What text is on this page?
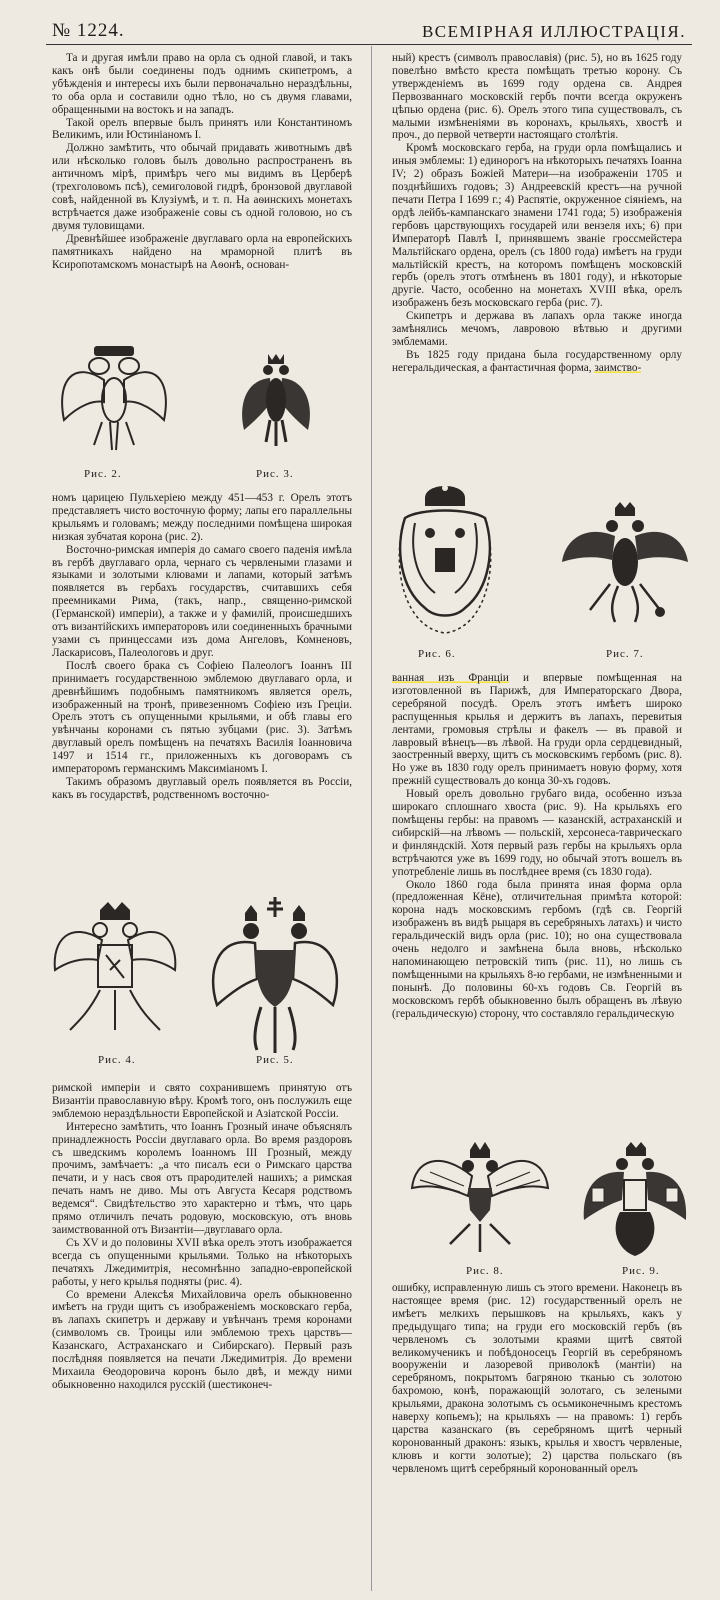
№ 1224.	ВСЕМІРНАЯ ИЛЛЮСТРАЦІЯ.

Та и другая имѣли право на орла съ одной главой, и такъ какъ онѣ были соединены подъ однимъ скипетромъ, а убѣжденія и интересы ихъ были первоначально нераздѣльны, то оба орла и составили одно тѣло, но съ двумя главами, обращенными на востокъ и на западъ.

Такой орелъ впервые былъ принятъ или Константиномъ Великимъ, или Юстиніаномъ I.

Должно замѣтить, что обычай придавать животнымъ двѣ или нѣсколько головъ былъ довольно распространенъ въ античномъ мірѣ, примѣръ чего мы видимъ въ Церберѣ (трехголовомъ псѣ), семиголовой гидрѣ, бронзовой двуглавой совѣ, найденной въ Клузіумѣ, и т. п. На аѳинскихъ монетахъ встрѣчается даже изображеніе совы съ одной головою, но съ двумя туловищами.

Древнѣйшее изображеніе двуглаваго орла на европейскихъ памятникахъ найдено на мраморной плитѣ въ Ксиропотамскомъ монастырѣ на Аѳонѣ, основан-

Рис. 2.	Рис. 3.

номъ царицею Пульхеріею между 451—453 г. Орелъ этотъ представляетъ чисто восточную форму; лапы его параллельны крыльямъ и головамъ; между последними помѣщена широкая низкая зубчатая корона (рис. 2).

Восточно-римская имперія до самаго своего паденія имѣла въ гербѣ двуглаваго орла, чернаго съ червлеными глазами и языками и золотыми клювами и лапами, который затѣмъ появляется въ гербахъ государствъ, считавшихъ себя преемниками Рима, (такъ, напр., священно-римской (Германской) имперіи), а также и у фамилій, происшедшихъ отъ византійскихъ императоровъ или соединенныхъ брачными узами съ принцессами изъ дома Ангеловъ, Комненовъ, Ласкарисовъ, Палеологовъ и друг.

Послѣ своего брака съ Софіею Палеологъ Іоаннъ III принимаетъ государственною эмблемою двуглаваго орла, и древнѣйшимъ подобнымъ памятникомъ является орелъ, изображенный на тронѣ, привезенномъ Софіею изъ Греціи. Орелъ этотъ съ опущенными крыльями, и обѣ главы его увѣнчаны коронами съ пятью зубцами (рис. 3). Затѣмъ двуглавый орелъ помѣщенъ на печатяхъ Василія Іоанновича 1497 и 1514 гг., приложенныхъ къ договорамъ съ императоромъ германскимъ Максиміаномъ I.

Такимъ образомъ двуглавый орелъ появляется въ Россіи, какъ въ государствѣ, родственномъ восточно-

Рис. 4.	Рис. 5.

римской имперіи и свято сохранившемъ принятую отъ Византіи православную вѣру. Кромѣ того, онъ послужилъ еще эмблемою нераздѣльности Европейской и Азіатской Россіи.

Интересно замѣтить, что Іоаннъ Грозный иначе объяснялъ принадлежность Россіи двуглаваго орла. Во время раздоровъ съ шведскимъ королемъ Іоанномъ III Грозный, между прочимъ, замѣчаетъ: „а что писалъ еси о Римскаго царства печати, и у насъ своя отъ прародителей нашихъ; а римская печать намъ не диво. Мы отъ Августа Кесаря родствомъ ведемся“. Свидѣтельство это характерно и тѣмъ, что царь прямо отличилъ печать родовую, московскую, отъ вновь заимствованной отъ Византіи—двуглаваго орла.

Съ XV и до половины XVII вѣка орелъ этотъ изображается всегда съ опущенными крыльями. Только на нѣкоторыхъ печатяхъ Лжедимитрія, несомнѣнно западно-европейской работы, у него крылья подняты (рис. 4).

Со времени Алексѣя Михайловича орелъ обыкновенно имѣетъ на груди щитъ съ изображеніемъ московскаго герба, въ лапахъ скипетръ и державу и увѣнчанъ тремя коронами (символомъ св. Троицы или эмблемою трехъ царствъ—Казанскаго, Астраханскаго и Сибирскаго). Первый разъ послѣдняя появляется на печати Лжедимитрія. До времени Михаила Ѳеодоровича коронъ было двѣ, и между ними обыкновенно находился русскій (шестиконеч-

ный) крестъ (символъ православія) (рис. 5), но въ 1625 году повелѣно вмѣсто креста помѣщать третью корону. Съ утвержденіемъ въ 1699 году ордена св. Андрея Первозваннаго московскій гербъ почти всегда окруженъ цѣпью ордена (рис. 6). Орелъ этого типа существовалъ, съ малыми измѣненіями въ коронахъ, крыльяхъ, хвостѣ и проч., до первой четверти настоящаго столѣтія.

Кромѣ московскаго герба, на груди орла помѣщались и иныя эмблемы: 1) единорогъ на нѣкоторыхъ печатяхъ Іоанна IV; 2) образъ Божіей Матери—на изображеніи 1705 и позднѣйшихъ годовъ; 3) Андреевскій крестъ—на ручной печати Петра I 1699 г.; 4) Распятіе, окруженное сіяніемъ, на ордѣ лейбъ-кампанскаго знамени 1741 года; 5) изображенія гербовъ царствующихъ государей или вензеля ихъ; 6) при Императорѣ Павлѣ I, принявшемъ званіе гроссмейстера Мальтійскаго ордена, орелъ (съ 1800 года) имѣетъ на груди мальтійскій крестъ, на которомъ помѣщенъ московскій гербъ (орелъ этотъ отмѣненъ въ 1801 году), и нѣкоторые другіе. Часто, особенно на монетахъ XVIII вѣка, орелъ изображенъ безъ московскаго герба (рис. 7).

Скипетръ и держава въ лапахъ орла также иногда замѣнялись мечомъ, лавровою вѣтвью и другими эмблемами.

Въ 1825 году придана была государственному орлу негеральдическая, а фантастичная форма, заимство-

Рис. 6.	Рис. 7.

ванная изъ Франціи и впервые помѣщенная на изготовленной въ Парижѣ, для Императорскаго Двора, серебряной посудѣ. Орелъ этотъ имѣетъ широко распущенныя крылья и держитъ въ лапахъ, перевитыя лентами, громовыя стрѣлы и факелъ — въ правой и лавровый вѣнецъ—въ лѣвой. На груди орла сердцевидный, заостренный вверху, щитъ съ московскимъ гербомъ (рис. 8). Но уже въ 1830 году орелъ принимаетъ новую форму, хотя прежній существовалъ до конца 30-хъ годовъ.

Новый орелъ довольно грубаго вида, особенно изъза широкаго сплошнаго хвоста (рис. 9). На крыльяхъ его помѣщены гербы: на правомъ — казанскій, астраханскій и сибирскій—на лѣвомъ — польскій, херсонеса-таврическаго и финляндскій. Хотя первый разъ гербы на крыльяхъ орла встрѣчаются уже въ 1699 году, но обычай этотъ вошелъ въ употребленіе лишь въ послѣднее время (съ 1830 года).

Около 1860 года была принята иная форма орла (предложенная Кёне), отличительная примѣта которой: корона надъ московскимъ гербомъ (гдѣ св. Георгій изображенъ въ видѣ рыцаря въ серебряныхъ латахъ) и чисто геральдическій видъ орла (рис. 10); но она существовала очень недолго и замѣнена была вновь, нѣсколько напоминающею петровскій типъ (рис. 11), но лишь съ помѣщенными на крыльяхъ 8-ю гербами, не измѣненными и понынѣ. До половины 60-хъ годовъ Св. Георгій въ московскомъ гербѣ обыкновенно былъ обращенъ въ лѣвую (геральдическую) сторону, что составляло геральдическую

Рис. 8.	Рис. 9.

ошибку, исправленную лишь съ этого времени. Наконецъ въ настоящее время (рис. 12) государственный орелъ не имѣетъ мелкихъ перышковъ на крыльяхъ, какъ у предыдущаго типа; на груди его московскій гербъ (въ червленомъ съ золотыми краями щитѣ святой великомученикъ и побѣдоносецъ Георгій въ серебряномъ вооруженіи и лазоревой приволокѣ (мантіи) на серебряномъ, покрытомъ багряною тканью съ золотою бахромою, конѣ, поражающій золотаго, съ зелеными крыльями, дракона золотымъ съ осьмиконечнымъ крестомъ наверху копьемъ); на крыльяхъ — на правомъ: 1) гербъ царства казанскаго (въ серебряномъ щитѣ черный коронованный драконъ: языкъ, крылья и хвостъ червленые, клювъ и когти золотые); 2) царства польскаго (въ червленомъ щитѣ серебряный коронованный орелъ
